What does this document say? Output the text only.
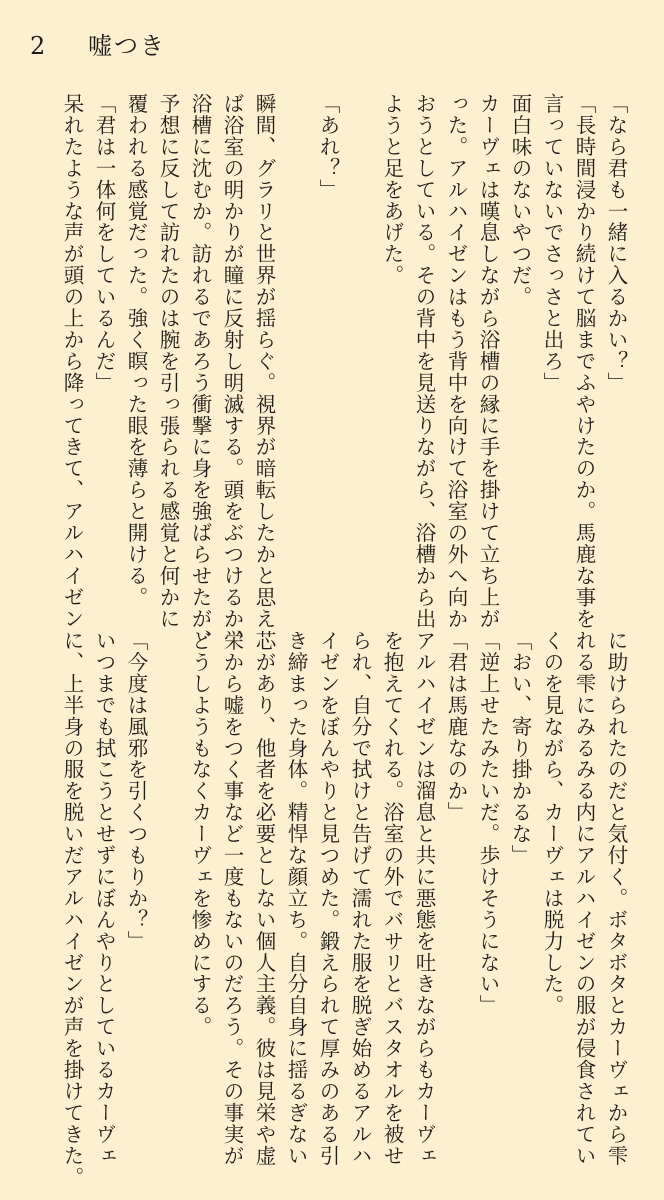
2 嘘つき
「なら君も一緒に入るかい？」
「長時間浸かり続けて脳までふやけたのか。馬鹿な事を
言っていないでさっさと出ろ」
面白味のないやつだ。
カーヴェは嘆息しながら浴槽の縁に手を掛けて立ち上が
った。アルハイゼンはもう背中を向けて浴室の外へ向か
おうとしている。その背中を見送りながら、浴槽から出
ようと足をあげた。

「あれ？」

瞬間、グラリと世界が揺らぐ。視界が暗転したかと思え
ば浴室の明かりが瞳に反射し明滅する。頭をぶつけるか、
浴槽に沈むか。訪れるであろう衝撃に身を強ばらせたが、
予想に反して訪れたのは腕を引っ張られる感覚と何かに
覆われる感覚だった。強く瞑った眼を薄らと開ける。
「君は一体何をしているんだ」
呆れたような声が頭の上から降ってきて、アルハイゼン
に助けられたのだと気付く。ボタボタとカーヴェから雫
れる雫にみるみる内にアルハイゼンの服が侵食されてい
くのを見ながら、カーヴェは脱力した。
「おい、寄り掛かるな」
「逆上せたみたいだ。歩けそうにない」
「君は馬鹿なのか」
アルハイゼンは溜息と共に悪態を吐きながらもカーヴェ
を抱えてくれる。浴室の外でバサリとバスタオルを被せ
られ、自分で拭けと告げて濡れた服を脱ぎ始めるアルハ
イゼンをぼんやりと見つめた。鍛えられて厚みのある引
き締まった身体。精悍な顔立ち。自分自身に揺るぎない
芯があり、他者を必要としない個人主義。彼は見栄や虚
栄から嘘をつく事など一度もないのだろう。その事実が
どうしようもなくカーヴェを惨めにする。

「今度は風邪を引くつもりか？」
いつまでも拭こうとせずにぼんやりとしているカーヴェ
に、上半身の服を脱いだアルハイゼンが声を掛けてきた。
